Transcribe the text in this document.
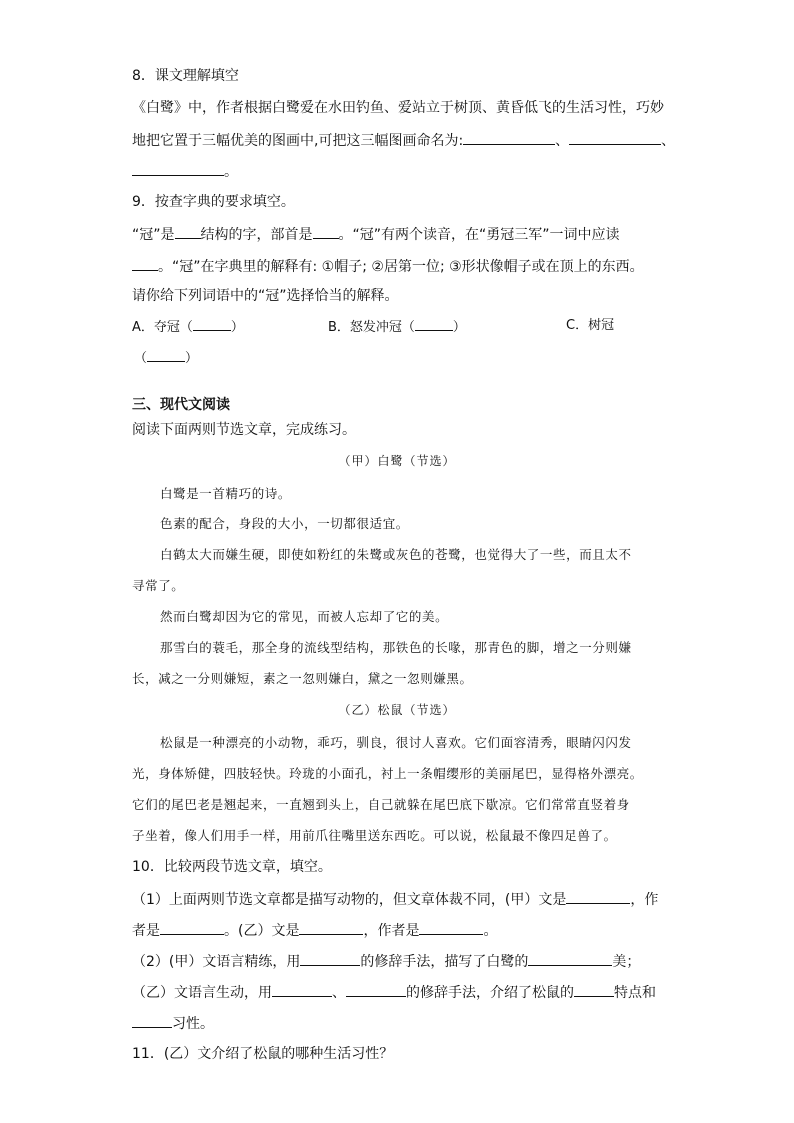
8．课文理解填空
《白鹭》中，作者根据白鹭爱在水田钓鱼、爱站立于树顶、黄昏低飞的生活习性，巧妙
地把它置于三幅优美的图画中,可把这三幅图画命名为:	、	、
。
9．按查字典的要求填空。
“冠”是 结构的字，部首是 。“冠”有两个读音，在“勇冠三军”一词中应读
。“冠”在字典里的解释有: ①帽子; ②居第一位; ③形状像帽子或在顶上的东西。
请你给下列词语中的“冠”选择恰当的解释。
A．夺冠（	）	B．怒发冲冠（	）	C．树冠
（	）
三、现代文阅读
阅读下面两则节选文章，完成练习。
（甲）白鹭（节选）
白鹭是一首精巧的诗。
色素的配合，身段的大小，一切都很适宜。
白鹤太大而嫌生硬，即使如粉红的朱鹭或灰色的苍鹭，也觉得大了一些，而且太不
寻常了。
然而白鹭却因为它的常见，而被人忘却了它的美。
那雪白的蓑毛，那全身的流线型结构，那铁色的长喙，那青色的脚，增之一分则嫌
长，减之一分则嫌短，素之一忽则嫌白，黛之一忽则嫌黑。
（乙）松鼠（节选）
松鼠是一种漂亮的小动物，乖巧，驯良，很讨人喜欢。它们面容清秀，眼睛闪闪发
光，身体矫健，四肢轻快。玲珑的小面孔，衬上一条帽缨形的美丽尾巴，显得格外漂亮。
它们的尾巴老是翘起来，一直翘到头上，自己就躲在尾巴底下歇凉。它们常常直竖着身
子坐着，像人们用手一样，用前爪往嘴里送东西吃。可以说，松鼠最不像四足兽了。
10．比较两段节选文章，填空。
（1）上面两则节选文章都是描写动物的，但文章体裁不同，(甲）文是	，作
者是	。(乙）文是	，作者是	。
（2）(甲）文语言精练，用	的修辞手法，描写了白鹭的	美；
（乙）文语言生动，用	、	的修辞手法，介绍了松鼠的	特点和
习性。
11．(乙）文介绍了松鼠的哪种生活习性？
